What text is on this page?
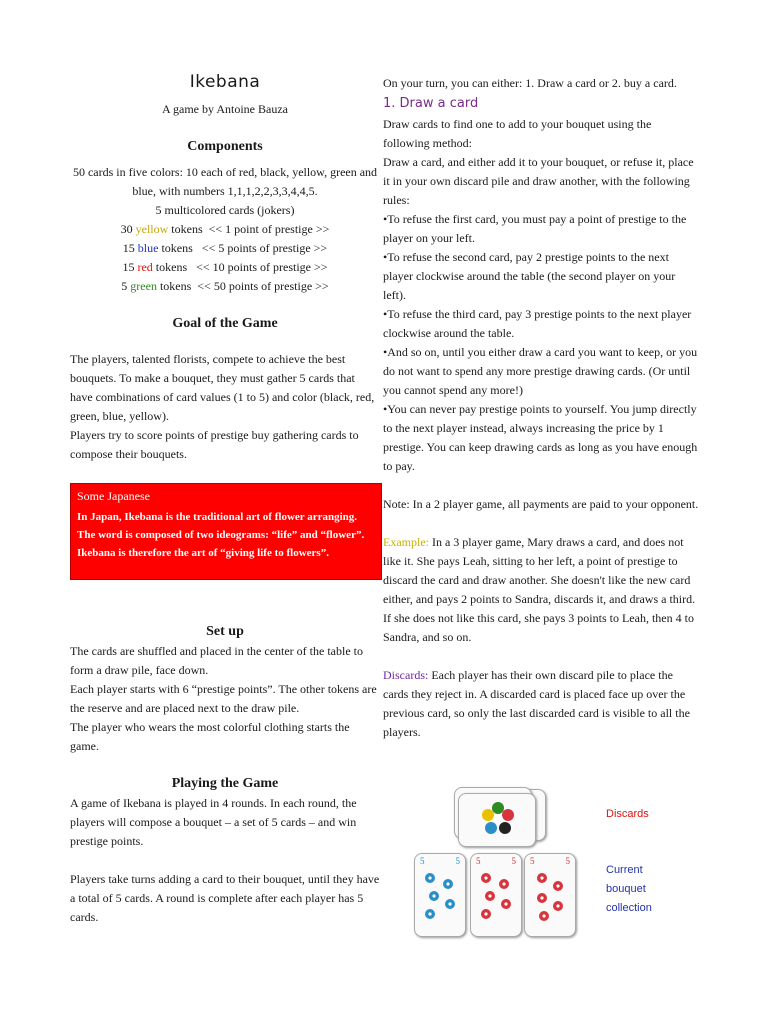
Ikebana
A game by Antoine Bauza
Components
50 cards in five colors: 10 each of red, black, yellow, green and blue, with numbers 1,1,1,2,2,3,3,4,4,5.
5 multicolored cards (jokers)
30 yellow tokens  << 1 point of prestige >>
15 blue tokens   << 5 points of prestige >>
15 red tokens   << 10 points of prestige >>
5 green tokens  << 50 points of prestige >>
Goal of the Game

The players, talented florists, compete to achieve the best bouquets. To make a bouquet, they must gather 5 cards that have combinations of card values (1 to 5) and color (black, red, green, blue, yellow).

Players try to score points of prestige buy gathering cards to compose their bouquets.

Some Japanese
In Japan, Ikebana is the traditional art of flower arranging. The word is composed of two ideograms: “life” and “flower”. Ikebana is therefore the art of “giving life to flowers”.
Set up

The cards are shuffled and placed in the center of the table to form a draw pile, face down.

Each player starts with 6 “prestige points”. The other tokens are the reserve and are placed next to the draw pile.

The player who wears the most colorful clothing starts the game.

Playing the Game

A game of Ikebana is played in 4 rounds. In each round, the players will compose a bouquet – a set of 5 cards – and win prestige points.

Players take turns adding a card to their bouquet, until they have a total of 5 cards. A round is complete after each player has 5 cards.

On your turn, you can either: 1. Draw a card or 2. buy a card.

1. Draw a card

Draw cards to find one to add to your bouquet using the following method:

Draw a card, and either add it to your bouquet, or refuse it, place it in your own discard pile and draw another, with the following rules:

•To refuse the first card, you must pay a point of prestige to the player on your left.

•To refuse the second card, pay 2 prestige points to the next player clockwise around the table (the second player on your left).

•To refuse the third card, pay 3 prestige points to the next player clockwise around the table.

•And so on, until you either draw a card you want to keep, or you do not want to spend any more prestige drawing cards. (Or until you cannot spend any more!)

•You can never pay prestige points to yourself. You jump directly to the next player instead, always increasing the price by 1 prestige. You can keep drawing cards as long as you have enough to pay.

Note: In a 2 player game, all payments are paid to your opponent.

Example: In a 3 player game, Mary draws a card, and does not like it. She pays Leah, sitting to her left, a point of prestige to discard the card and draw another. She doesn't like the new card either, and pays 2 points to Sandra, discards it, and draws a third. If she does not like this card, she pays 3 points to Leah, then 4 to Sandra, and so on.

Discards: Each player has their own discard pile to place the cards they reject in. A discarded card is placed face up over the previous card, so only the last discarded card is visible to all the players.

Discards
5	5 5	5 5	5
Current bouquet collection
